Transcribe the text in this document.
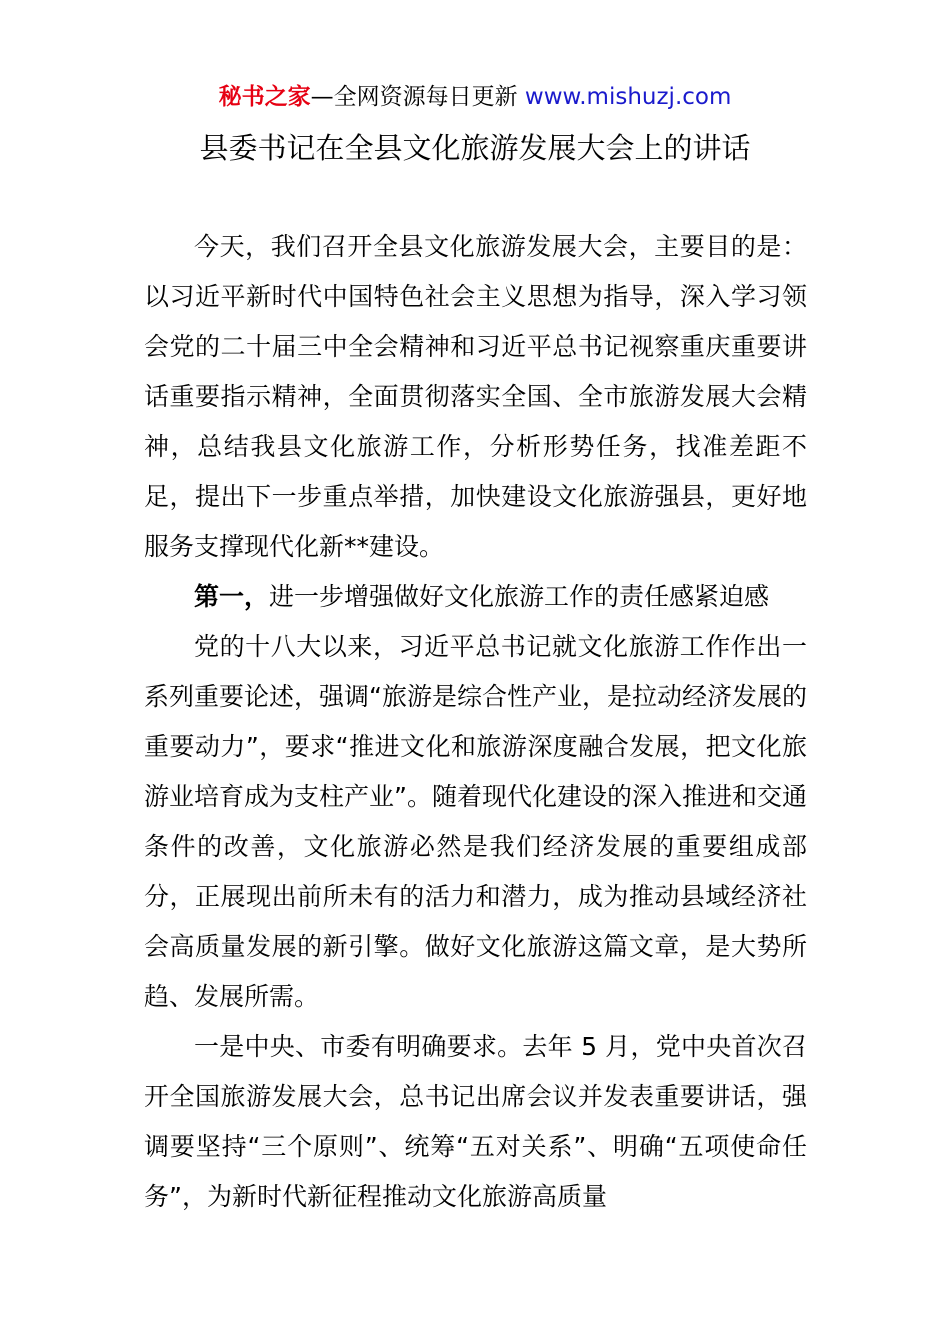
秘书之家—全网资源每日更新 www.mishuzj.com
县委书记在全县文化旅游发展大会上的讲话

今天，我们召开全县文化旅游发展大会，主要目的是：以习近平新时代中国特色社会主义思想为指导，深入学习领会党的二十届三中全会精神和习近平总书记视察重庆重要讲话重要指示精神，全面贯彻落实全国、全市旅游发展大会精神，总结我县文化旅游工作，分析形势任务，找准差距不足，提出下一步重点举措，加快建设文化旅游强县，更好地服务支撑现代化新**建设。

第一，进一步增强做好文化旅游工作的责任感紧迫感

党的十八大以来，习近平总书记就文化旅游工作作出一系列重要论述，强调“旅游是综合性产业，是拉动经济发展的重要动力”，要求“推进文化和旅游深度融合发展，把文化旅游业培育成为支柱产业”。随着现代化建设的深入推进和交通条件的改善，文化旅游必然是我们经济发展的重要组成部分，正展现出前所未有的活力和潜力，成为推动县域经济社会高质量发展的新引擎。做好文化旅游这篇文章，是大势所趋、发展所需。

一是中央、市委有明确要求。去年 5 月，党中央首次召开全国旅游发展大会，总书记出席会议并发表重要讲话，强调要坚持“三个原则”、统筹“五对关系”、明确“五项使命任务”，为新时代新征程推动文化旅游高质量
